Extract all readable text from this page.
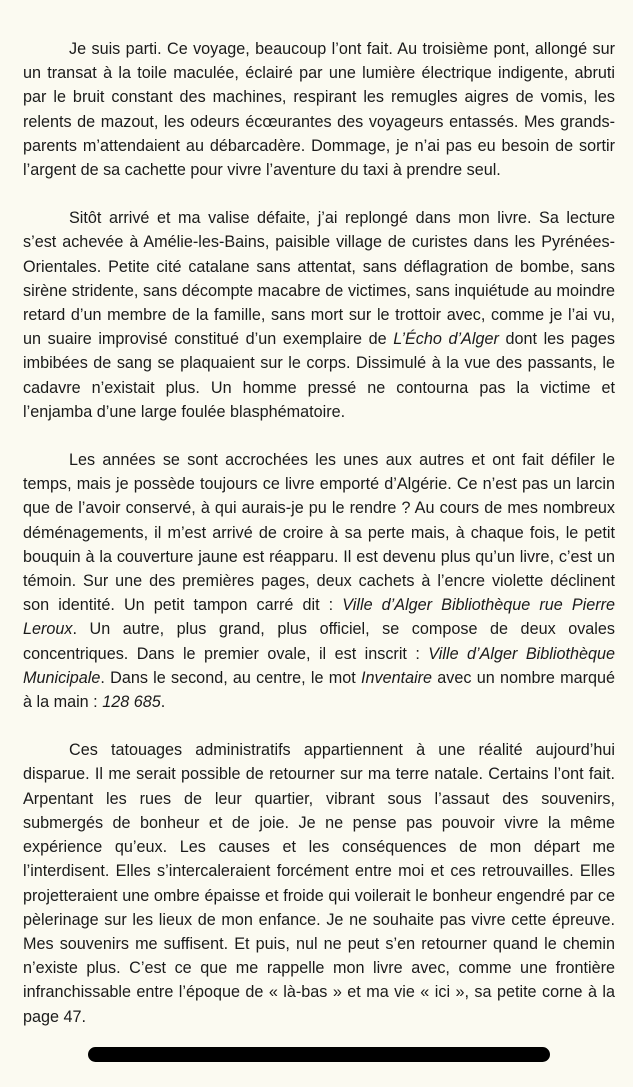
Je suis parti. Ce voyage, beaucoup l’ont fait. Au troisième pont, allongé sur un transat à la toile maculée, éclairé par une lumière électrique indigente, abruti par le bruit constant des machines, respirant les remugles aigres de vomis, les relents de mazout, les odeurs écœurantes des voyageurs entassés. Mes grands-parents m’attendaient au débarcadère. Dommage, je n’ai pas eu besoin de sortir l’argent de sa cachette pour vivre l’aventure du taxi à prendre seul.

Sitôt arrivé et ma valise défaite, j’ai replongé dans mon livre. Sa lecture s’est achevée à Amélie-les-Bains, paisible village de curistes dans les Pyrénées-Orientales. Petite cité catalane sans attentat, sans déflagration de bombe, sans sirène stridente, sans décompte macabre de victimes, sans inquiétude au moindre retard d’un membre de la famille, sans mort sur le trottoir avec, comme je l’ai vu, un suaire improvisé constitué d’un exemplaire de L’Écho d’Alger dont les pages imbibées de sang se plaquaient sur le corps. Dissimulé à la vue des passants, le cadavre n’existait plus. Un homme pressé ne contourna pas la victime et l’enjamba d’une large foulée blasphématoire.

Les années se sont accrochées les unes aux autres et ont fait défiler le temps, mais je possède toujours ce livre emporté d’Algérie. Ce n’est pas un larcin que de l’avoir conservé, à qui aurais-je pu le rendre ? Au cours de mes nombreux déménagements, il m’est arrivé de croire à sa perte mais, à chaque fois, le petit bouquin à la couverture jaune est réapparu. Il est devenu plus qu’un livre, c’est un témoin. Sur une des premières pages, deux cachets à l’encre violette déclinent son identité. Un petit tampon carré dit : Ville d’Alger Bibliothèque rue Pierre Leroux. Un autre, plus grand, plus officiel, se compose de deux ovales concentriques. Dans le premier ovale, il est inscrit : Ville d’Alger Bibliothèque Municipale. Dans le second, au centre, le mot Inventaire avec un nombre marqué à la main : 128 685.

Ces tatouages administratifs appartiennent à une réalité aujourd’hui disparue. Il me serait possible de retourner sur ma terre natale. Certains l’ont fait. Arpentant les rues de leur quartier, vibrant sous l’assaut des souvenirs, submergés de bonheur et de joie. Je ne pense pas pouvoir vivre la même expérience qu’eux. Les causes et les conséquences de mon départ me l’interdisent. Elles s’intercaleraient forcément entre moi et ces retrouvailles. Elles projetteraient une ombre épaisse et froide qui voilerait le bonheur engendré par ce pèlerinage sur les lieux de mon enfance. Je ne souhaite pas vivre cette épreuve. Mes souvenirs me suffisent. Et puis, nul ne peut s’en retourner quand le chemin n’existe plus. C’est ce que me rappelle mon livre avec, comme une frontière infranchissable entre l’époque de « là-bas » et ma vie « ici », sa petite corne à la page 47.
